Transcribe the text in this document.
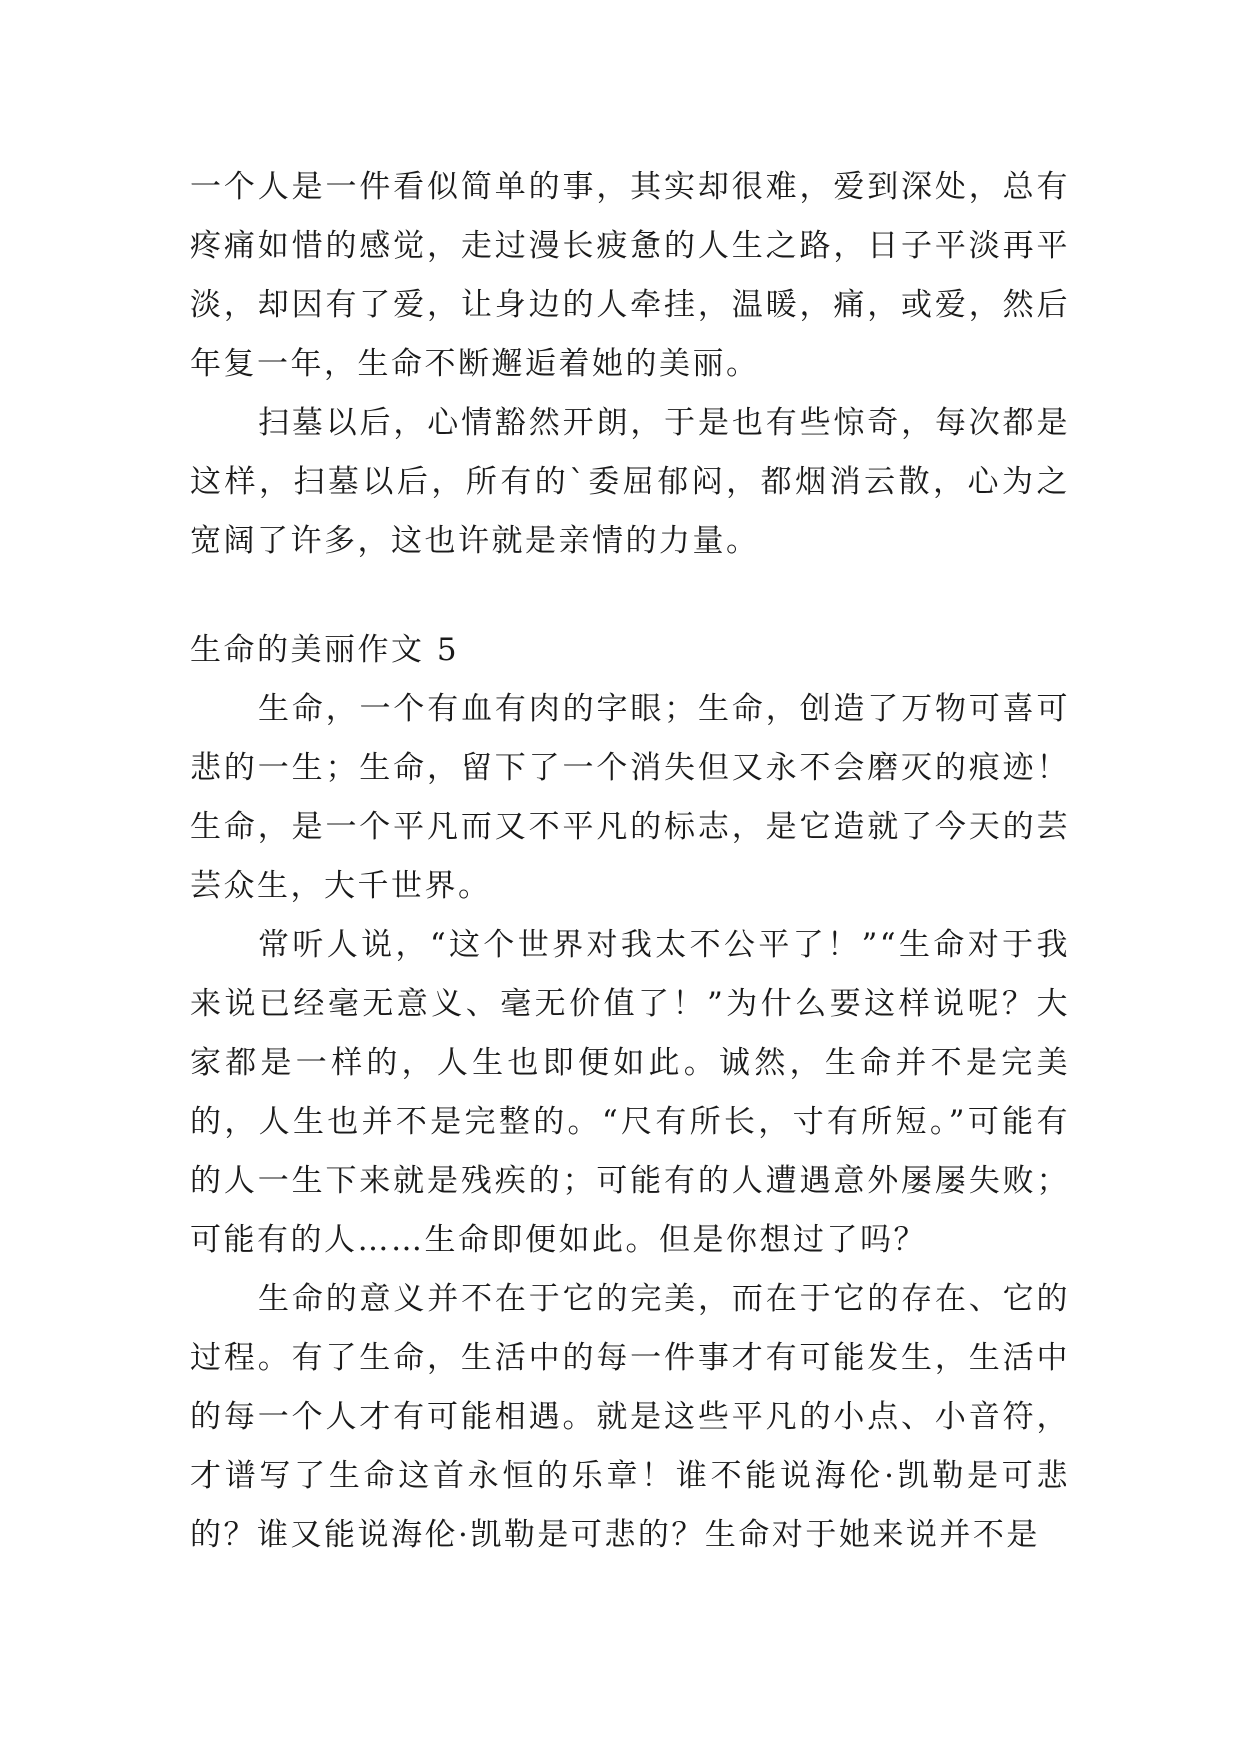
一个人是一件看似简单的事，其实却很难，爱到深处，总有疼痛如惜的感觉，走过漫长疲惫的人生之路，日子平淡再平淡，却因有了爱，让身边的人牵挂，温暖，痛，或爱，然后年复一年，生命不断邂逅着她的美丽。

扫墓以后，心情豁然开朗，于是也有些惊奇，每次都是这样，扫墓以后，所有的`委屈郁闷，都烟消云散，心为之宽阔了许多，这也许就是亲情的力量。

生命的美丽作文 5

生命，一个有血有肉的字眼；生命，创造了万物可喜可悲的一生；生命，留下了一个消失但又永不会磨灭的痕迹！生命，是一个平凡而又不平凡的标志，是它造就了今天的芸芸众生，大千世界。

常听人说，“这个世界对我太不公平了！”“生命对于我来说已经毫无意义、毫无价值了！”为什么要这样说呢？大家都是一样的，人生也即便如此。诚然，生命并不是完美的，人生也并不是完整的。“尺有所长，寸有所短。”可能有的人一生下来就是残疾的；可能有的人遭遇意外屡屡失败；可能有的人……生命即便如此。但是你想过了吗？

生命的意义并不在于它的完美，而在于它的存在、它的过程。有了生命，生活中的每一件事才有可能发生，生活中的每一个人才有可能相遇。就是这些平凡的小点、小音符，才谱写了生命这首永恒的乐章！谁不能说海伦·凯勒是可悲的？谁又能说海伦·凯勒是可悲的？生命对于她来说并不是
